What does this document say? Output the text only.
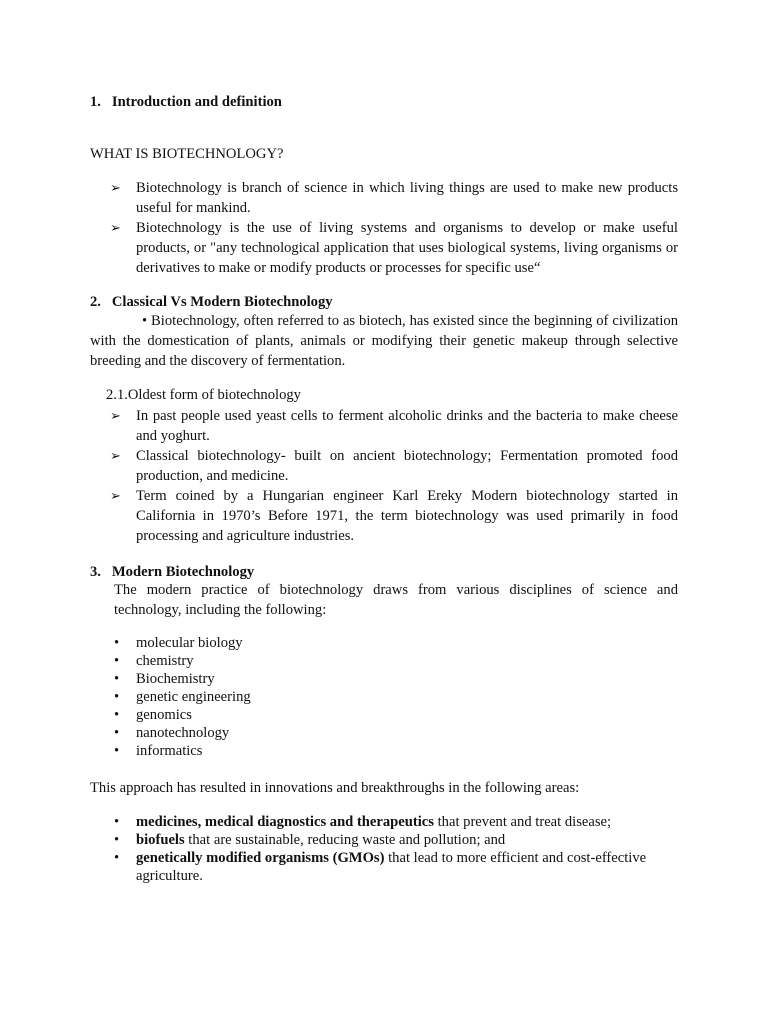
1.  Introduction and definition
WHAT IS BIOTECHNOLOGY?
➢ Biotechnology is branch of science in which living things are used to make new products useful for mankind.
➢ Biotechnology is the use of living systems and organisms to develop or make useful products, or "any technological application that uses biological systems, living organisms or derivatives to make or modify products or processes for specific use“
2.  Classical Vs Modern Biotechnology
• Biotechnology, often referred to as biotech, has existed since the beginning of civilization with the domestication of plants, animals or modifying their genetic makeup through selective breeding and the discovery of fermentation.
2.1.Oldest form of biotechnology
➢ In past people used yeast cells to ferment alcoholic drinks and the bacteria to make cheese and yoghurt.
➢ Classical biotechnology- built on ancient biotechnology; Fermentation promoted food production, and medicine.
➢ Term coined by a Hungarian engineer Karl Ereky Modern biotechnology started in California in 1970’s Before 1971, the term biotechnology was used primarily in food processing and agriculture industries.
3.  Modern Biotechnology
The modern practice of biotechnology draws from various disciplines of science and technology, including the following:
• molecular biology
• chemistry
• Biochemistry
• genetic engineering
• genomics
• nanotechnology
• informatics
This approach has resulted in innovations and breakthroughs in the following areas:
• medicines, medical diagnostics and therapeutics that prevent and treat disease;
• biofuels that are sustainable, reducing waste and pollution; and
• genetically modified organisms (GMOs) that lead to more efficient and cost-effective agriculture.
